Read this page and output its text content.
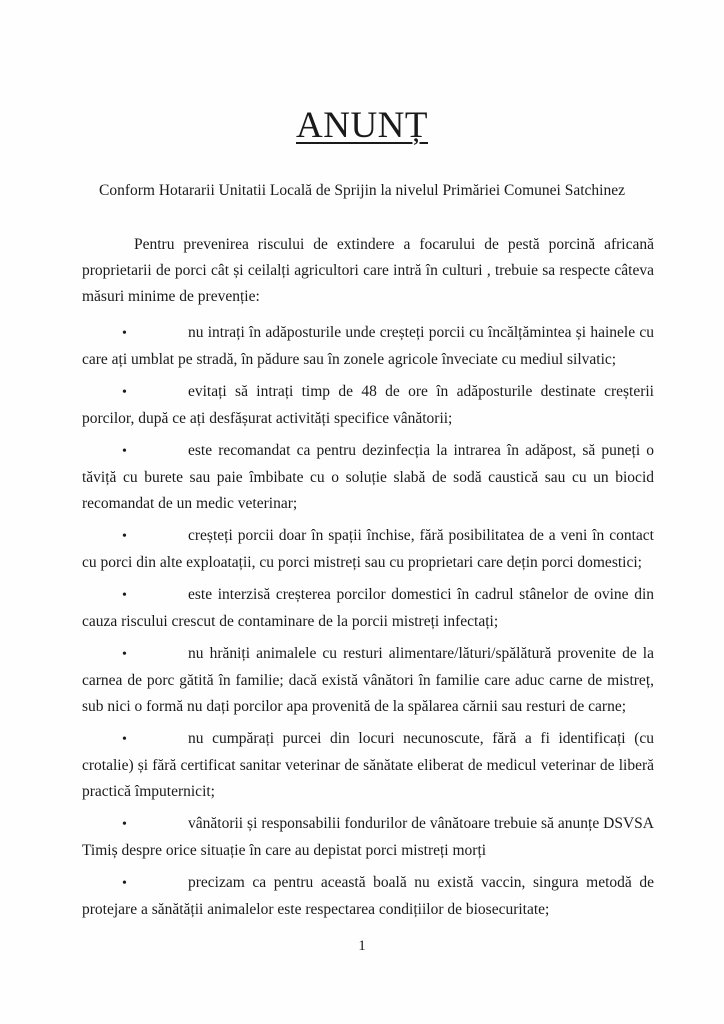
ANUNȚ

Conform Hotararii Unitatii Locală de Sprijin la nivelul Primăriei Comunei Satchinez

Pentru prevenirea riscului de extindere a focarului de pestă porcină africană proprietarii de porci cât și ceilalți agricultori care intră în culturi , trebuie sa respecte câteva măsuri minime de prevenție:

•	nu intrați în adăposturile unde creșteți porcii cu încălțămintea și hainele cu care ați umblat pe stradă, în pădure sau în zonele agricole înveciate cu mediul silvatic;
•	evitați să intrați timp de 48 de ore în adăposturile destinate creșterii porcilor, după ce ați desfășurat activități specifice vânătorii;
•	este recomandat ca pentru dezinfecția la intrarea în adăpost, să puneți o tăviță cu burete sau paie îmbibate cu o soluție slabă de sodă caustică sau cu un biocid recomandat de un medic veterinar;
•	creșteți porcii doar în spații închise, fără posibilitatea de a veni în contact cu porci din alte exploatații, cu porci mistreți sau cu proprietari care dețin porci domestici;
•	este interzisă creșterea porcilor domestici în cadrul stânelor de ovine din cauza riscului crescut de contaminare de la porcii mistreți infectați;
•	nu hrăniți animalele cu resturi alimentare/lături/spălătură provenite de la carnea de porc gătită în familie; dacă există vânători în familie care aduc carne de mistreț, sub nici o formă nu dați porcilor apa provenită de la spălarea cărnii sau resturi de carne;
•	nu cumpărați purcei din locuri necunoscute, fără a fi identificați (cu crotalie) și fără certificat sanitar veterinar de sănătate eliberat de medicul veterinar de liberă practică împuternicit;
•	vânătorii și responsabilii fondurilor de vânătoare trebuie să anunțe DSVSA Timiș despre orice situație în care au depistat porci mistreți morți
•	precizam ca pentru această boală nu există vaccin, singura metodă de protejare a sănătății animalelor este respectarea condițiilor de biosecuritate;
1
